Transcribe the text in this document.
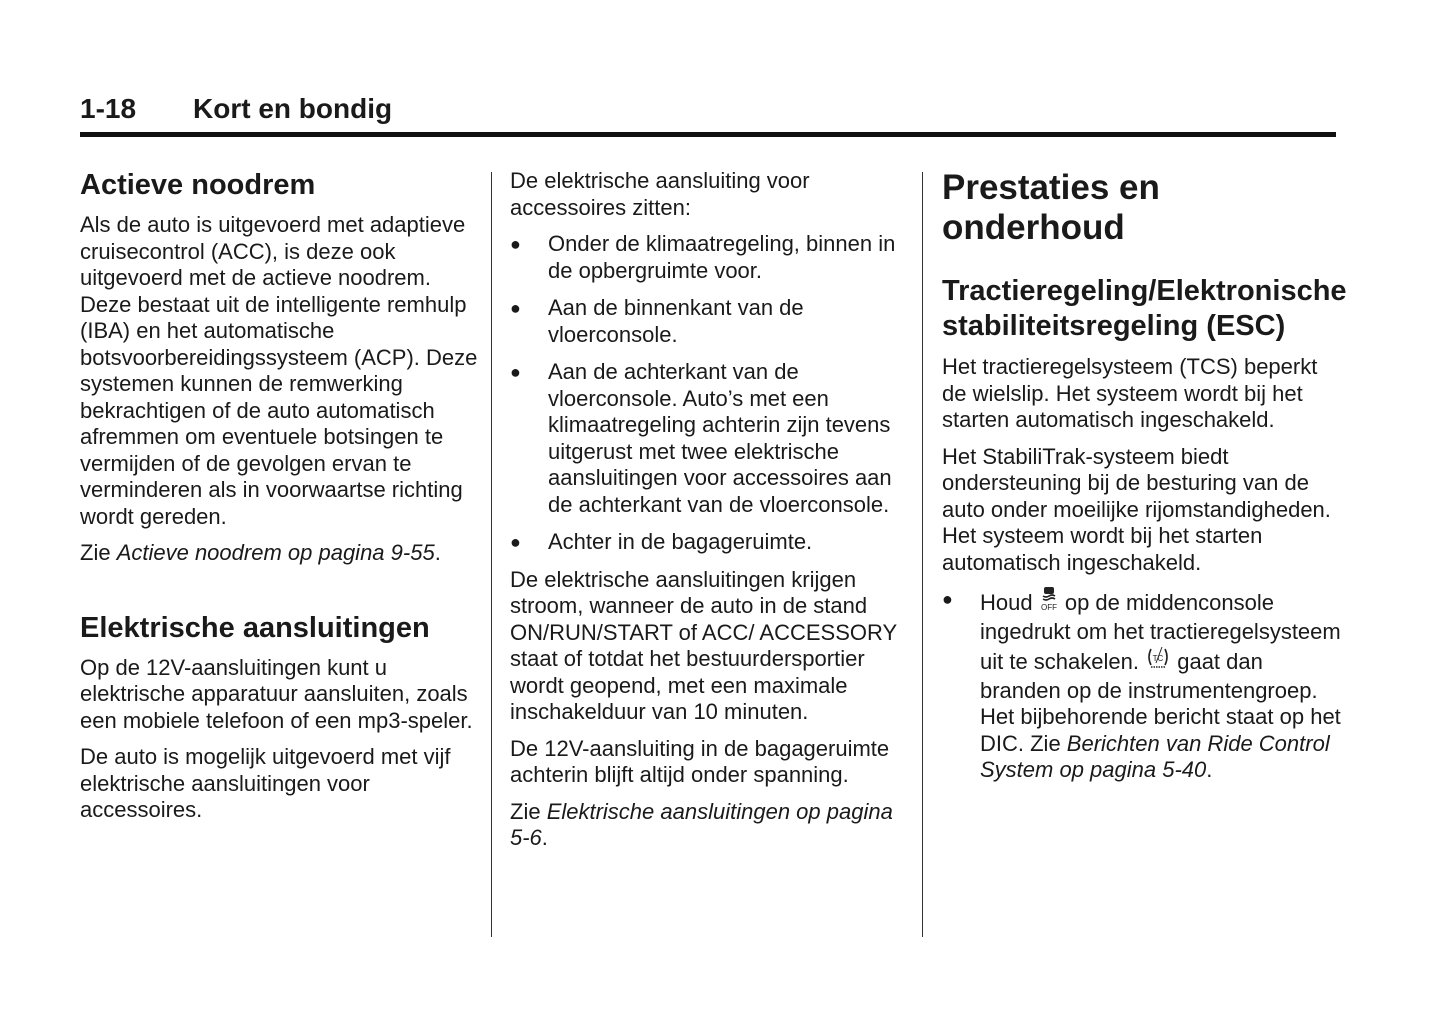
1-18 Kort en bondig
Actieve noodrem

Als de auto is uitgevoerd met adaptieve cruisecontrol (ACC), is deze ook uitgevoerd met de actieve noodrem. Deze bestaat uit de intelligente remhulp (IBA) en het automatische botsvoorbereidingssysteem (ACP). Deze systemen kunnen de remwerking bekrachtigen of de auto automatisch afremmen om eventuele botsingen te vermijden of de gevolgen ervan te verminderen als in voorwaartse richting wordt gereden.

Zie Actieve noodrem op pagina 9-55.

Elektrische aansluitingen

Op de 12V-aansluitingen kunt u elektrische apparatuur aansluiten, zoals een mobiele telefoon of een mp3-speler.

De auto is mogelijk uitgevoerd met vijf elektrische aansluitingen voor accessoires.

De elektrische aansluiting voor accessoires zitten:

● Onder de klimaatregeling, binnen in de opbergruimte voor.
● Aan de binnenkant van de vloerconsole.
● Aan de achterkant van de vloerconsole. Auto’s met een klimaatregeling achterin zijn tevens uitgerust met twee elektrische aansluitingen voor accessoires aan de achterkant van de vloerconsole.
● Achter in de bagageruimte.

De elektrische aansluitingen krijgen stroom, wanneer de auto in de stand ON/RUN/START of ACC/ ACCESSORY staat of totdat het bestuurdersportier wordt geopend, met een maximale inschakelduur van 10 minuten.

De 12V-aansluiting in de bagageruimte achterin blijft altijd onder spanning.

Zie Elektrische aansluitingen op pagina 5-6.

Prestaties en onderhoud
Tractieregeling/Elektronische stabiliteitsregeling (ESC)

Het tractieregelsysteem (TCS) beperkt de wielslip. Het systeem wordt bij het starten automatisch ingeschakeld.

Het StabiliTrak-systeem biedt ondersteuning bij de besturing van de auto onder moeilijke rijomstandigheden. Het systeem wordt bij het starten automatisch ingeschakeld.

● Houd OFF op de middenconsole ingedrukt om het tractieregelsysteem uit te schakelen. TC gaat dan branden op de instrumentengroep. Het bijbehorende bericht staat op het DIC. Zie Berichten van Ride Control System op pagina 5-40.
